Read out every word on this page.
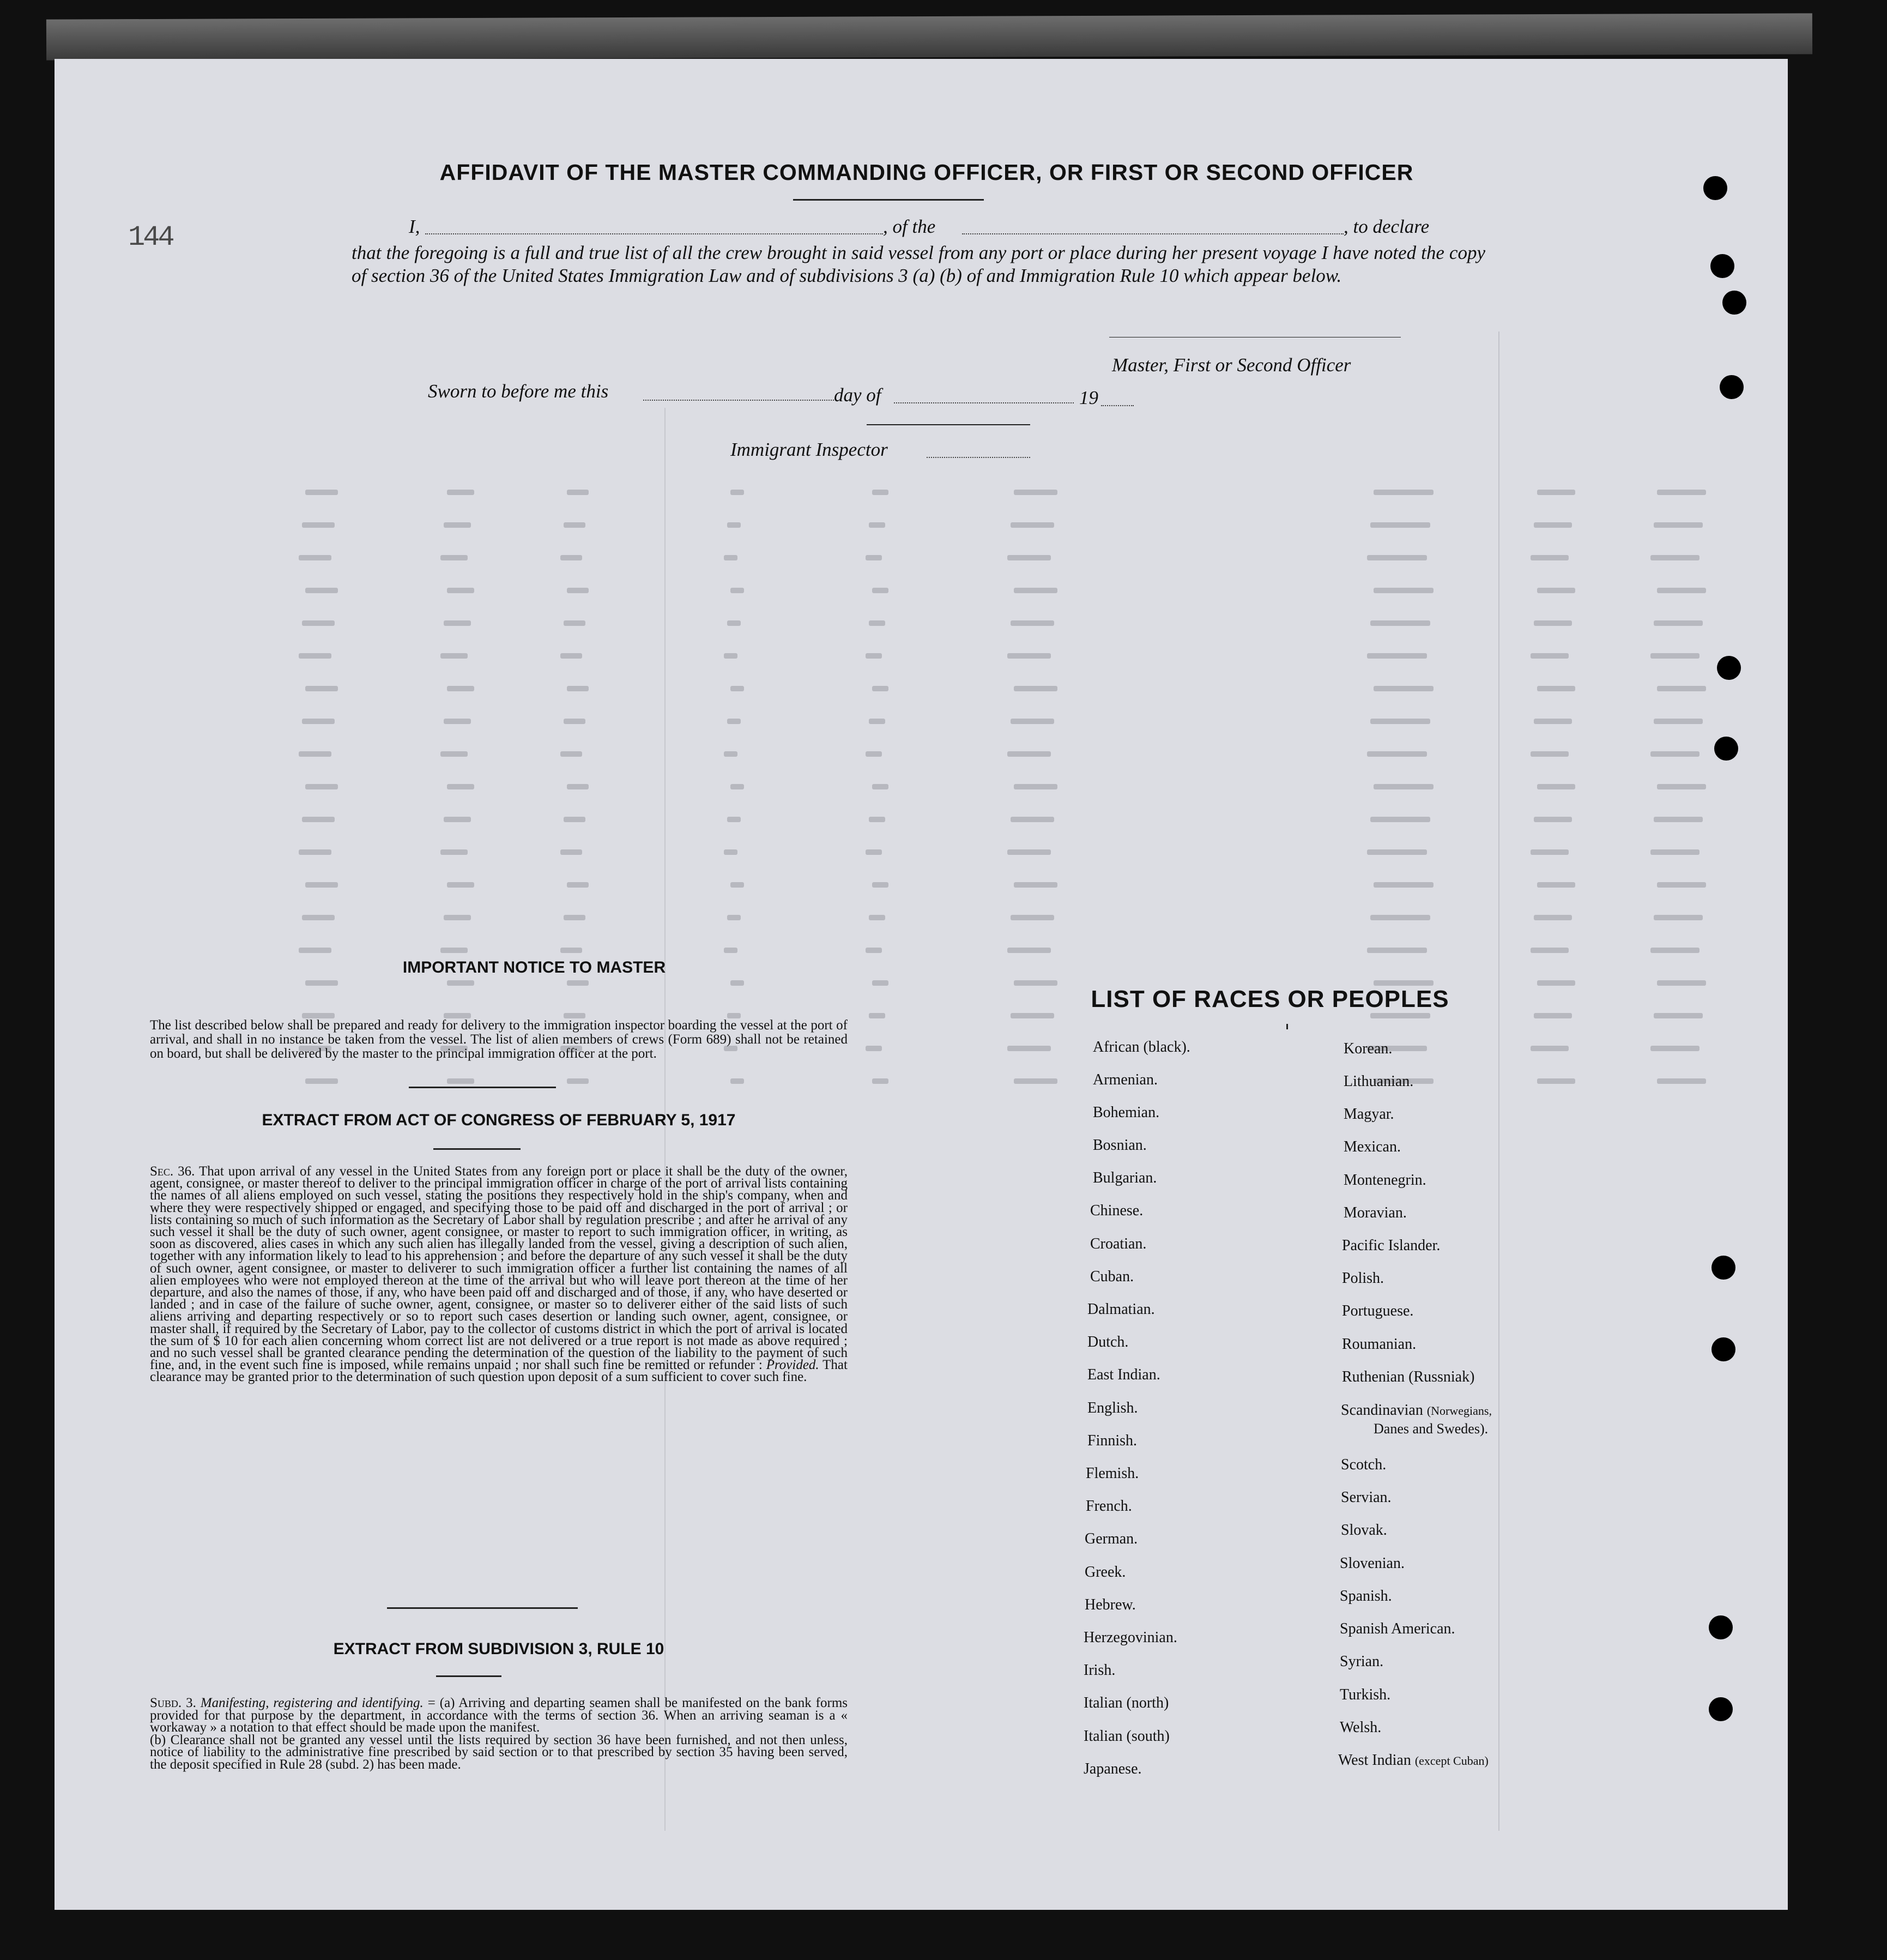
144
AFFIDAVIT OF THE MASTER COMMANDING OFFICER, OR FIRST OR SECOND OFFICER
I,	, of the	, to declare
that the foregoing is a full and true list of all the crew brought in said vessel from any port or place during her present voyage I have noted the copy of section 36 of the United States Immigration Law and of subdivisions 3 (a) (b) of and Immigration Rule 10 which appear below.
Master, First or Second Officer
Sworn to before me this	day of	19
Immigrant Inspector
IMPORTANT NOTICE TO MASTER
The list described below shall be prepared and ready for delivery to the immigration inspector boarding the vessel at the port of arrival, and shall in no instance be taken from the vessel. The list of alien members of crews (Form 689) shall not be retained on board, but shall be delivered by the master to the principal immigration officer at the port.
EXTRACT FROM ACT OF CONGRESS OF FEBRUARY 5, 1917
Sec. 36. That upon arrival of any vessel in the United States from any foreign port or place it shall be the duty of the owner, agent, consignee, or master thereof to deliver to the principal immigration officer in charge of the port of arrival lists containing the names of all aliens employed on such vessel, stating the positions they respectively hold in the ship's company, when and where they were respectively shipped or engaged, and specifying those to be paid off and discharged in the port of arrival ; or lists containing so much of such information as the Secretary of Labor shall by regulation prescribe ; and after he arrival of any such vessel it shall be the duty of such owner, agent consignee, or master to report to such immigration officer, in writing, as soon as discovered, alies cases in which any such alien has illegally landed from the vessel, giving a description of such alien, together with any information likely to lead to his apprehension ; and before the departure of any such vessel it shall be the duty of such owner, agent consignee, or master to deliverer to such immigration officer a further list containing the names of all alien employees who were not employed thereon at the time of the arrival but who will leave port thereon at the time of her departure, and also the names of those, if any, who have been paid off and discharged and of those, if any, who have deserted or landed ; and in case of the failure of suche owner, agent, consignee, or master so to deliverer either of the said lists of such aliens arriving and departing respectively or so to report such cases desertion or landing such owner, agent, consignee, or master shall, if required by the Secretary of Labor, pay to the collector of customs district in which the port of arrival is located the sum of $ 10 for each alien concerning whom correct list are not delivered or a true report is not made as above required ; and no such vessel shall be granted clearance pending the determination of the question of the liability to the payment of such fine, and, in the event such fine is imposed, while remains unpaid ; nor shall such fine be remitted or refunder : Provided. That clearance may be granted prior to the determination of such question upon deposit of a sum sufficient to cover such fine.
EXTRACT FROM SUBDIVISION 3, RULE 10
Subd. 3. Manifesting, registering and identifying. = (a) Arriving and departing seamen shall be manifested on the bank forms provided for that purpose by the department, in accordance with the terms of section 36. When an arriving seaman is a « workaway » a notation to that effect should be made upon the manifest.
(b) Clearance shall not be granted any vessel until the lists required by section 36 have been furnished, and not then unless, notice of liability to the administrative fine prescribed by said section or to that prescribed by section 35 having been served, the deposit specified in Rule 28 (subd. 2) has been made.
LIST OF RACES OR PEOPLES
African (black).
Armenian.
Bohemian.
Bosnian.
Bulgarian.
Chinese.
Croatian.
Cuban.
Dalmatian.
Dutch.
East Indian.
English.
Finnish.
Flemish.
French.
German.
Greek.
Hebrew.
Herzegovinian.
Irish.
Italian (north)
Italian (south)
Japanese.
Korean.
Lithuanian.
Magyar.
Mexican.
Montenegrin.
Moravian.
Pacific Islander.
Polish.
Portuguese.
Roumanian.
Ruthenian (Russniak)
Scandinavian (Norwegians,
Danes and Swedes).
Scotch.
Servian.
Slovak.
Slovenian.
Spanish.
Spanish American.
Syrian.
Turkish.
Welsh.
West Indian (except Cuban)
